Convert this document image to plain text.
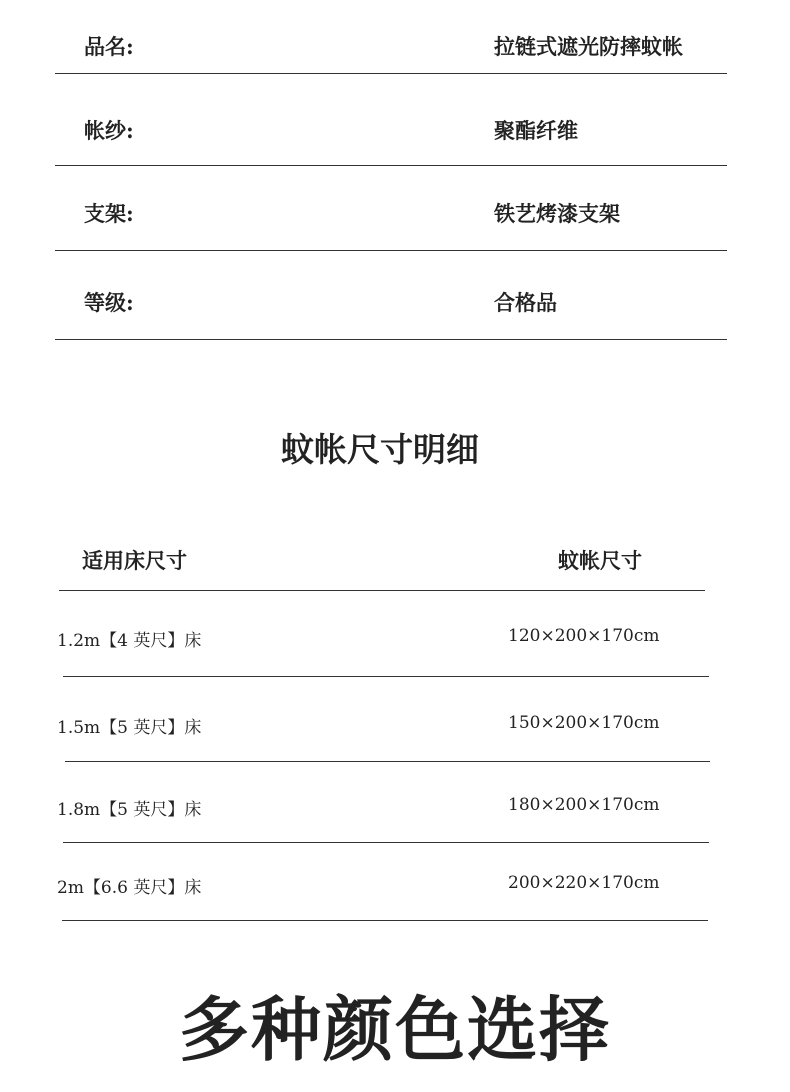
品名:	拉链式遮光防摔蚊帐
帐纱:	聚酯纤维
支架:	铁艺烤漆支架
等级:	合格品
蚊帐尺寸明细
适用床尺寸	蚊帐尺寸
1.2m【4 英尺】床	120×200×170cm
1.5m【5 英尺】床	150×200×170cm
1.8m【5 英尺】床	180×200×170cm
2m【6.6 英尺】床	200×220×170cm
多种颜色选择
